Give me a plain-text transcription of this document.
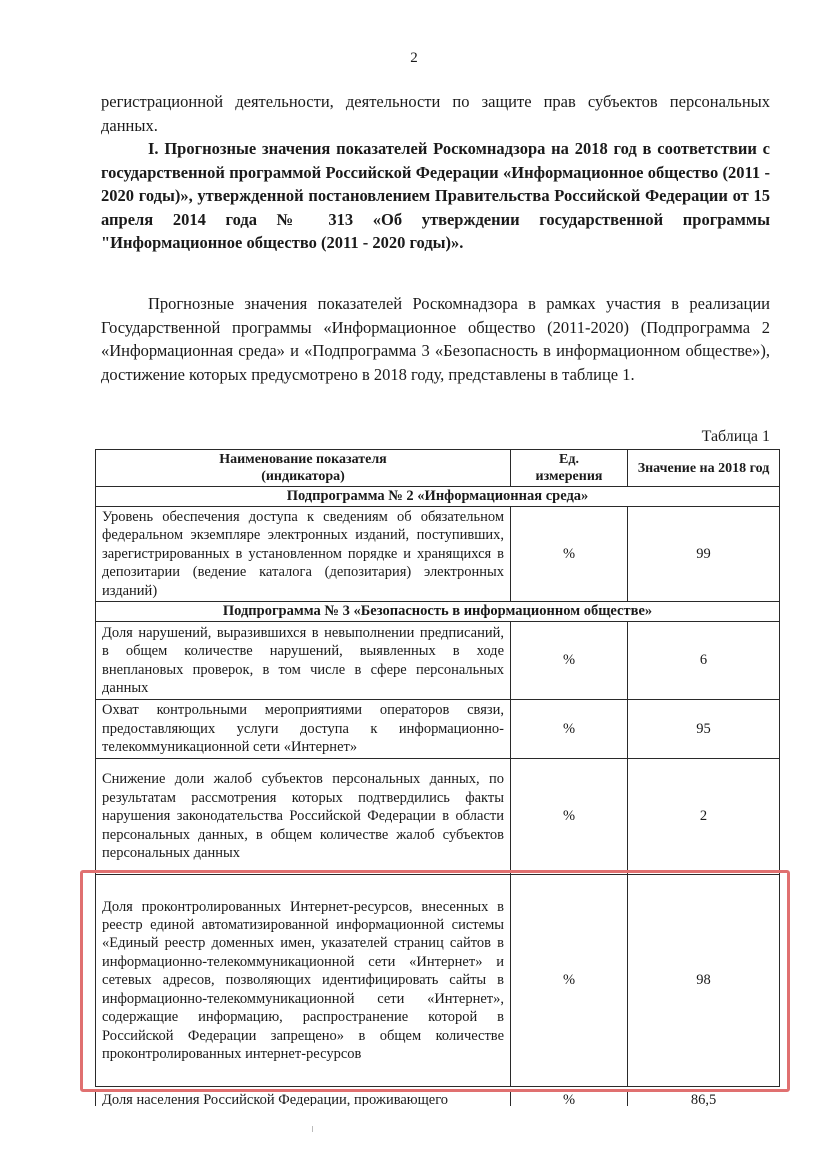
2
регистрационной деятельности, деятельности по защите прав субъектов персональных данных.
I. Прогнозные значения показателей Роскомнадзора на 2018 год в соответствии с государственной программой Российской Федерации «Информационное общество (2011 - 2020 годы)», утвержденной постановлением Правительства Российской Федерации от 15 апреля 2014 года № 313 «Об утверждении государственной программы "Информационное общество (2011 - 2020 годы)».
Прогнозные значения показателей Роскомнадзора в рамках участия в реализации Государственной программы «Информационное общество (2011-2020) (Подпрограмма 2 «Информационная среда» и «Подпрограмма 3 «Безопасность в информационном обществе»), достижение которых предусмотрено в 2018 году, представлены в таблице 1.
Таблица 1
Наименование показателя (индикатора)	Ед. измерения	Значение на 2018 год
Подпрограмма № 2 «Информационная среда»		
Уровень обеспечения доступа к сведениям об обязательном федеральном экземпляре электронных изданий, поступивших, зарегистрированных в установленном порядке и хранящихся в депозитарии (ведение каталога (депозитария) электронных изданий)	%	99
Подпрограмма № 3 «Безопасность в информационном обществе»		
Доля нарушений, выразившихся в невыполнении предписаний, в общем количестве нарушений, выявленных в ходе внеплановых проверок, в том числе в сфере персональных данных	%	6
Охват контрольными мероприятиями операторов связи, предоставляющих услуги доступа к информационно-телекоммуникационной сети «Интернет»	%	95
Снижение доли жалоб субъектов персональных данных, по результатам рассмотрения которых подтвердились факты нарушения законодательства Российской Федерации в области персональных данных, в общем количестве жалоб субъектов персональных данных	%	2
Доля проконтролированных Интернет-ресурсов, внесенных в реестр единой автоматизированной информационной системы «Единый реестр доменных имен, указателей страниц сайтов в информационно-телекоммуникационной сети «Интернет» и сетевых адресов, позволяющих идентифицировать сайты в информационно-телекоммуникационной сети «Интернет», содержащие информацию, распространение которой в Российской Федерации запрещено» в общем количестве проконтролированных интернет-ресурсов	%	98
Доля населения Российской Федерации, проживающего	%	86,5
